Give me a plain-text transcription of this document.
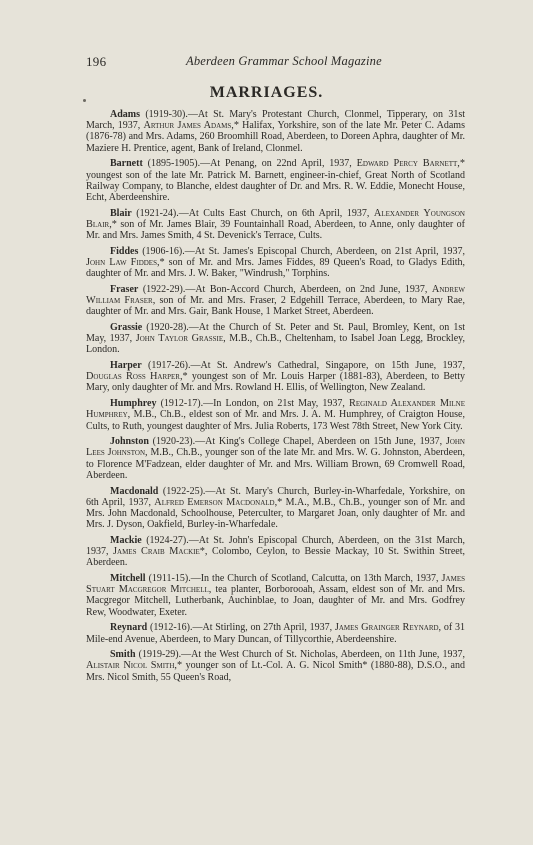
196	Aberdeen Grammar School Magazine
MARRIAGES.

Adams (1919-30).—At St. Mary's Protestant Church, Clonmel, Tipperary, on 31st March, 1937, Arthur James Adams,* Halifax, Yorkshire, son of the late Mr. Peter C. Adams (1876-78) and Mrs. Adams, 260 Broomhill Road, Aberdeen, to Doreen Aphra, daughter of Mr. Maziere H. Prentice, agent, Bank of Ireland, Clonmel.

Barnett (1895-1905).—At Penang, on 22nd April, 1937, Edward Percy Barnett,* youngest son of the late Mr. Patrick M. Barnett, engineer-in-chief, Great North of Scotland Railway Company, to Blanche, eldest daughter of Dr. and Mrs. R. W. Eddie, Monecht House, Echt, Aberdeenshire.

Blair (1921-24).—At Cults East Church, on 6th April, 1937, Alexander Youngson Blair,* son of Mr. James Blair, 39 Fountainhall Road, Aberdeen, to Anne, only daughter of Mr. and Mrs. James Smith, 4 St. Devenick's Terrace, Cults.

Fiddes (1906-16).—At St. James's Episcopal Church, Aberdeen, on 21st April, 1937, John Law Fiddes,* son of Mr. and Mrs. James Fiddes, 89 Queen's Road, to Gladys Edith, daughter of Mr. and Mrs. J. W. Baker, "Windrush," Torphins.

Fraser (1922-29).—At Bon-Accord Church, Aberdeen, on 2nd June, 1937, Andrew William Fraser, son of Mr. and Mrs. Fraser, 2 Edgehill Terrace, Aberdeen, to Mary Rae, daughter of Mr. and Mrs. Gair, Bank House, 1 Market Street, Aberdeen.

Grassie (1920-28).—At the Church of St. Peter and St. Paul, Bromley, Kent, on 1st May, 1937, John Taylor Grassie, M.B., Ch.B., Cheltenham, to Isabel Joan Legg, Brockley, London.

Harper (1917-26).—At St. Andrew's Cathedral, Singapore, on 15th June, 1937, Douglas Ross Harper,* youngest son of Mr. Louis Harper (1881-83), Aberdeen, to Betty Mary, only daughter of Mr. and Mrs. Rowland H. Ellis, of Wellington, New Zealand.

Humphrey (1912-17).—In London, on 21st May, 1937, Reginald Alexander Milne Humphrey, M.B., Ch.B., eldest son of Mr. and Mrs. J. A. M. Humphrey, of Craigton House, Cults, to Ruth, youngest daughter of Mrs. Julia Roberts, 173 West 78th Street, New York City.

Johnston (1920-23).—At King's College Chapel, Aberdeen on 15th June, 1937, John Lees Johnston, M.B., Ch.B., younger son of the late Mr. and Mrs. W. G. Johnston, Aberdeen, to Florence M'Fadzean, elder daughter of Mr. and Mrs. William Brown, 69 Cromwell Road, Aberdeen.

Macdonald (1922-25).—At St. Mary's Church, Burley-in-Wharfedale, Yorkshire, on 6th April, 1937, Alfred Emerson Macdonald,* M.A., M.B., Ch.B., younger son of Mr. and Mrs. John Macdonald, Schoolhouse, Peterculter, to Margaret Joan, only daughter of Mr. and Mrs. J. Dyson, Oakfield, Burley-in-Wharfedale.

Mackie (1924-27).—At St. John's Episcopal Church, Aberdeen, on the 31st March, 1937, James Craib Mackie*, Colombo, Ceylon, to Bessie Mackay, 10 St. Swithin Street, Aberdeen.

Mitchell (1911-15).—In the Church of Scotland, Calcutta, on 13th March, 1937, James Stuart Macgregor Mitchell, tea planter, Borborooah, Assam, eldest son of Mr. and Mrs. Macgregor Mitchell, Lutherbank, Auchinblae, to Joan, daughter of Mr. and Mrs. Godfrey Rew, Woodwater, Exeter.

Reynard (1912-16).—At Stirling, on 27th April, 1937, James Grainger Reynard, of 31 Mile-end Avenue, Aberdeen, to Mary Duncan, of Tillycorthie, Aberdeenshire.

Smith (1919-29).—At the West Church of St. Nicholas, Aberdeen, on 11th June, 1937, Alistair Nicol Smith,* younger son of Lt.-Col. A. G. Nicol Smith* (1880-88), D.S.O., and Mrs. Nicol Smith, 55 Queen's Road,
